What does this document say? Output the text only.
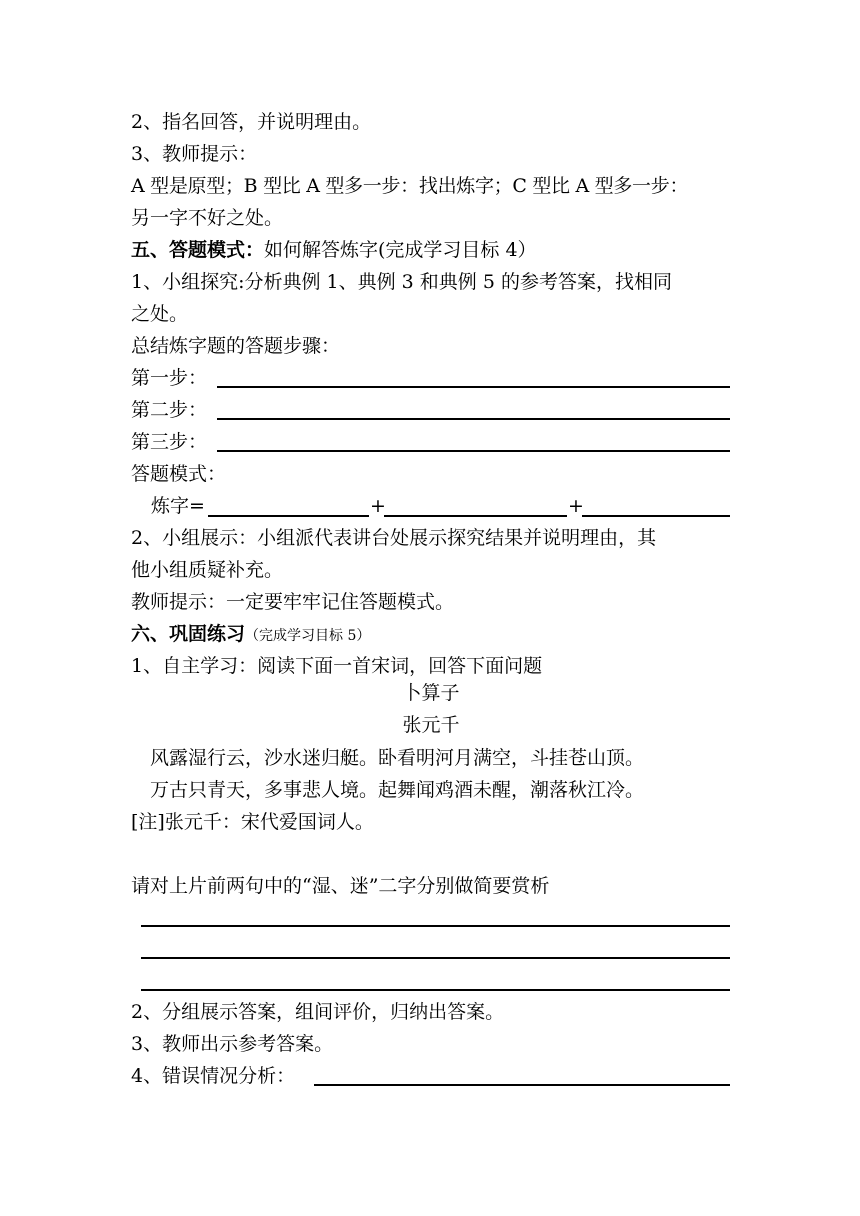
2、指名回答，并说明理由。
3、教师提示：
A 型是原型；B 型比 A 型多一步：找出炼字；C 型比 A 型多一步：
另一字不好之处。
五、答题模式：如何解答炼字(完成学习目标 4）
1、小组探究:分析典例 1、典例 3 和典例 5 的参考答案，找相同
之处。
总结炼字题的答题步骤：
第一步：
第二步：
第三步：
答题模式：
炼字=	+	+
2、小组展示：小组派代表讲台处展示探究结果并说明理由，其
他小组质疑补充。
教师提示：一定要牢牢记住答题模式。
六、巩固练习（完成学习目标 5）
1、自主学习：阅读下面一首宋词，回答下面问题
卜算子
张元千
风露湿行云，沙水迷归艇。卧看明河月满空，斗挂苍山顶。
万古只青天，多事悲人境。起舞闻鸡酒未醒，潮落秋江冷。
[注]张元千：宋代爱国词人。
请对上片前两句中的“湿、迷”二字分别做简要赏析
2、分组展示答案，组间评价，归纳出答案。
3、教师出示参考答案。
4、错误情况分析：
